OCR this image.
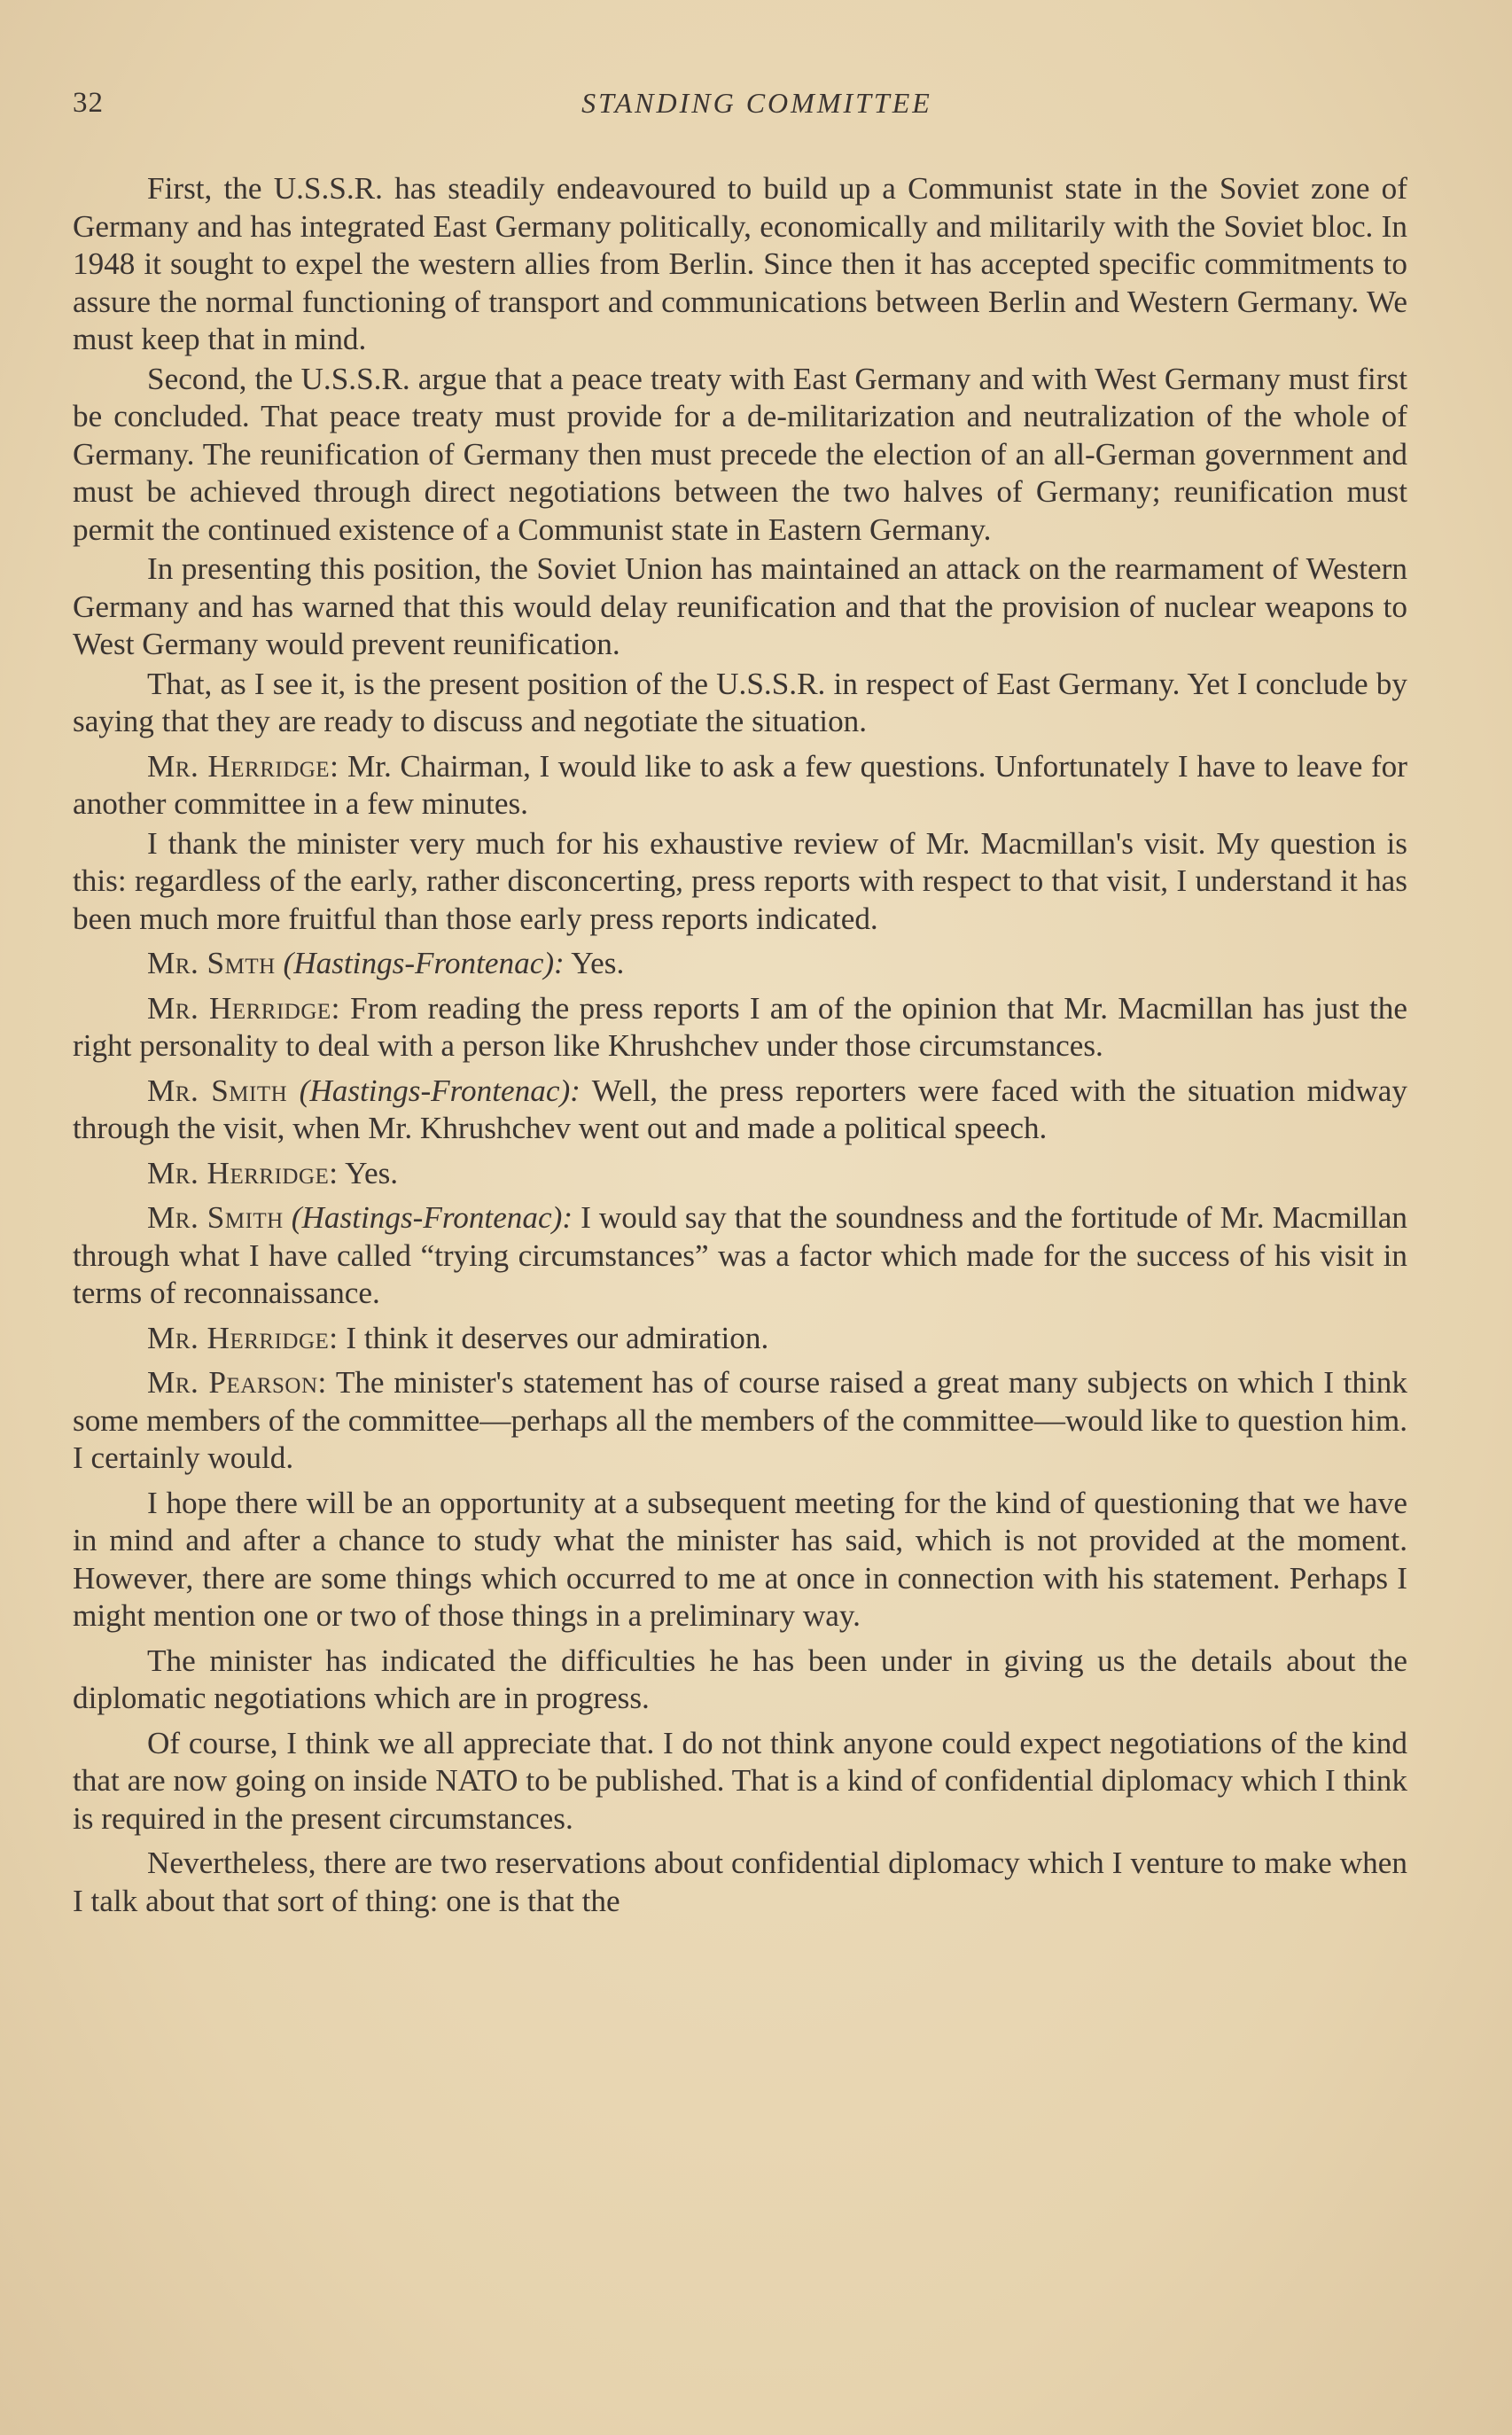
32	STANDING COMMITTEE

First, the U.S.S.R. has steadily endeavoured to build up a Communist state in the Soviet zone of Germany and has integrated East Germany politically, economically and militarily with the Soviet bloc. In 1948 it sought to expel the western allies from Berlin. Since then it has accepted specific commitments to assure the normal functioning of transport and communications between Berlin and Western Germany. We must keep that in mind.

Second, the U.S.S.R. argue that a peace treaty with East Germany and with West Germany must first be concluded. That peace treaty must provide for a de-militarization and neutralization of the whole of Germany. The reunification of Germany then must precede the election of an all-German government and must be achieved through direct negotiations between the two halves of Germany; reunification must permit the continued existence of a Communist state in Eastern Germany.

In presenting this position, the Soviet Union has maintained an attack on the rearmament of Western Germany and has warned that this would delay reunification and that the provision of nuclear weapons to West Germany would prevent reunification.

That, as I see it, is the present position of the U.S.S.R. in respect of East Germany. Yet I conclude by saying that they are ready to discuss and negotiate the situation.

Mr. Herridge: Mr. Chairman, I would like to ask a few questions. Unfortunately I have to leave for another committee in a few minutes.

I thank the minister very much for his exhaustive review of Mr. Macmillan's visit. My question is this: regardless of the early, rather disconcerting, press reports with respect to that visit, I understand it has been much more fruitful than those early press reports indicated.

Mr. Smth (Hastings-Frontenac): Yes.

Mr. Herridge: From reading the press reports I am of the opinion that Mr. Macmillan has just the right personality to deal with a person like Khrushchev under those circumstances.

Mr. Smith (Hastings-Frontenac): Well, the press reporters were faced with the situation midway through the visit, when Mr. Khrushchev went out and made a political speech.

Mr. Herridge: Yes.

Mr. Smith (Hastings-Frontenac): I would say that the soundness and the fortitude of Mr. Macmillan through what I have called “trying circumstances” was a factor which made for the success of his visit in terms of reconnaissance.

Mr. Herridge: I think it deserves our admiration.

Mr. Pearson: The minister's statement has of course raised a great many subjects on which I think some members of the committee—perhaps all the members of the committee—would like to question him. I certainly would.

I hope there will be an opportunity at a subsequent meeting for the kind of questioning that we have in mind and after a chance to study what the minister has said, which is not provided at the moment. However, there are some things which occurred to me at once in connection with his statement. Perhaps I might mention one or two of those things in a preliminary way.

The minister has indicated the difficulties he has been under in giving us the details about the diplomatic negotiations which are in progress.

Of course, I think we all appreciate that. I do not think anyone could expect negotiations of the kind that are now going on inside NATO to be published. That is a kind of confidential diplomacy which I think is required in the present circumstances.

Nevertheless, there are two reservations about confidential diplomacy which I venture to make when I talk about that sort of thing: one is that the
